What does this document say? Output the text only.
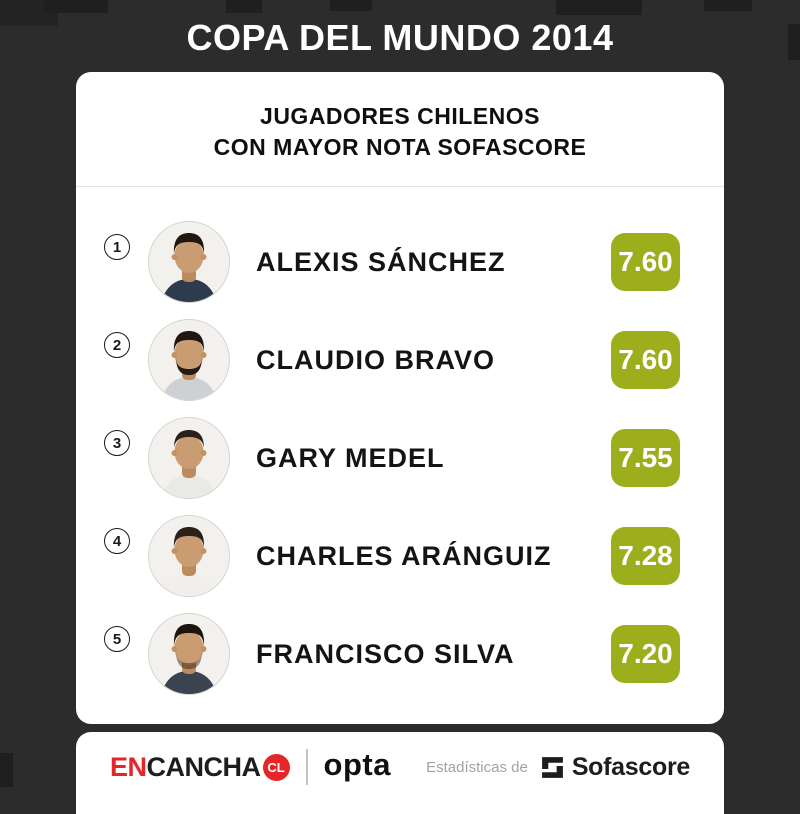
COPA DEL MUNDO 2014
JUGADORES CHILENOS
CON MAYOR NOTA SOFASCORE
1	ALEXIS SÁNCHEZ	7.60
2	CLAUDIO BRAVO	7.60
3	GARY MEDEL	7.55
4	CHARLES ARÁNGUIZ	7.28
5	FRANCISCO SILVA	7.20
EN CANCHA CL opta Estadísticas de Sofascore
